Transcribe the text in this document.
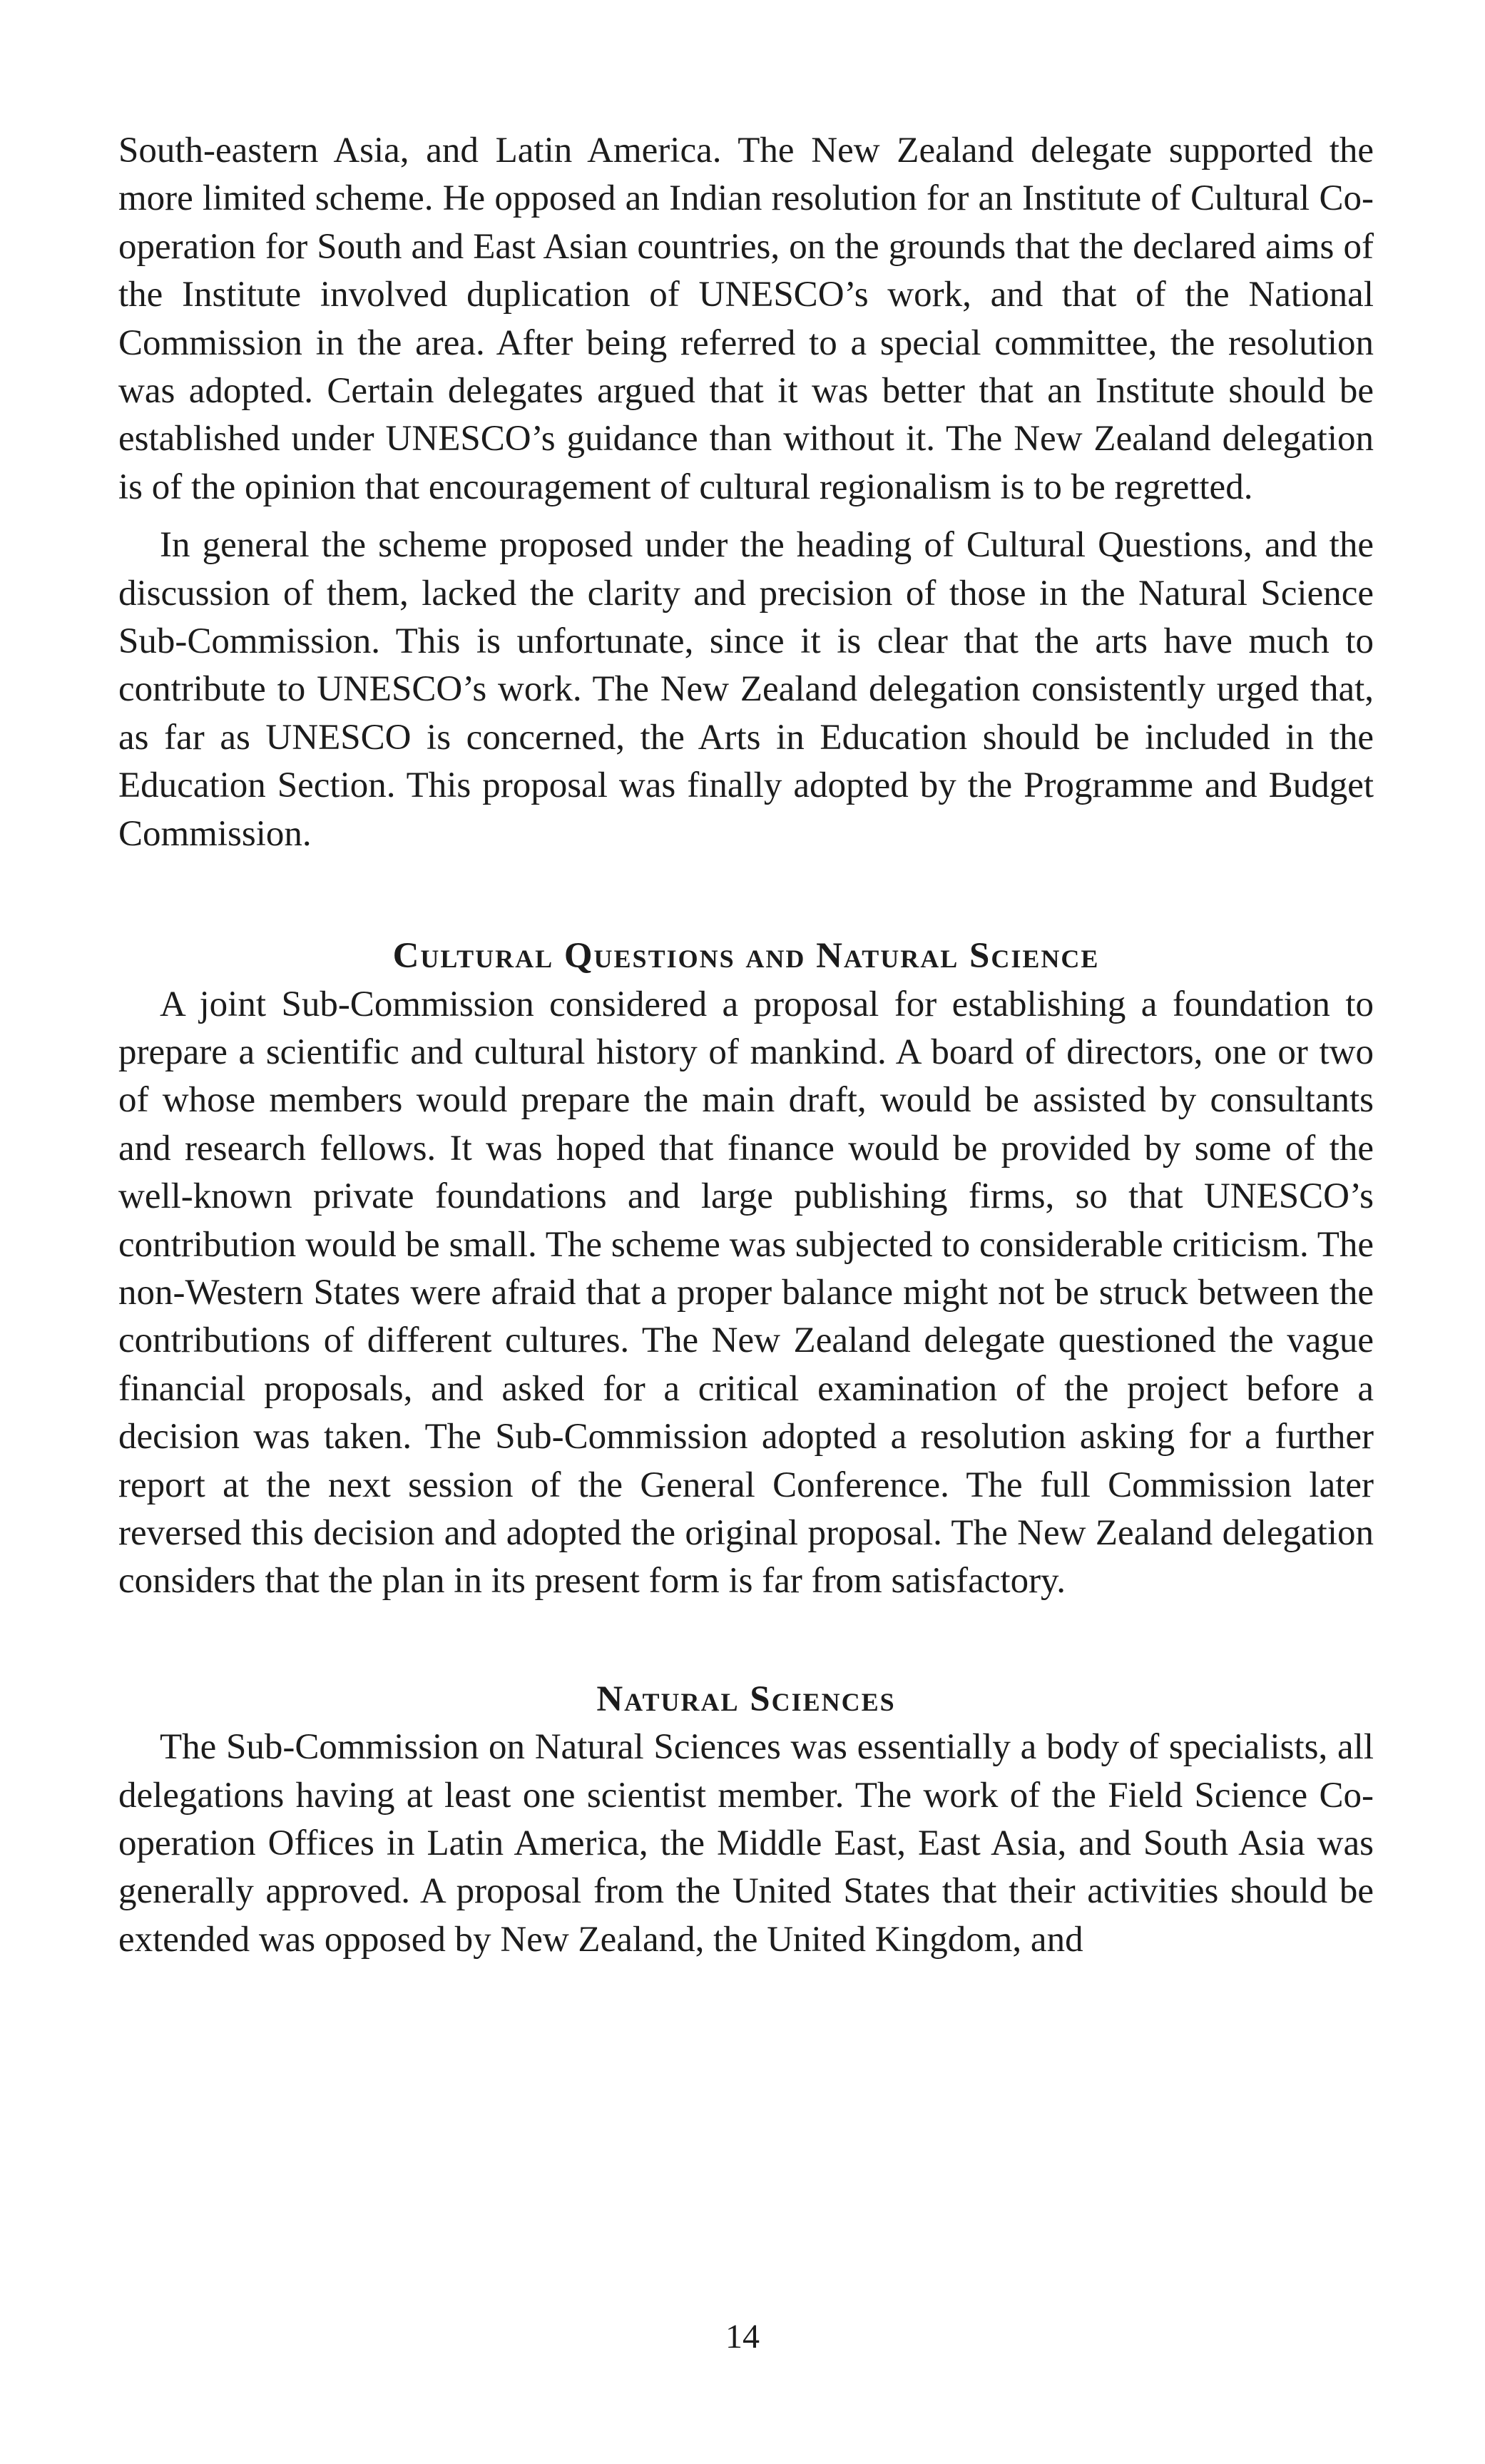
South-eastern Asia, and Latin America. The New Zealand delegate supported the more limited scheme. He opposed an Indian resolution for an Institute of Cultural Co-operation for South and East Asian countries, on the grounds that the declared aims of the Institute involved duplication of UNESCO’s work, and that of the National Commission in the area. After being referred to a special committee, the resolution was adopted. Certain delegates argued that it was better that an Institute should be established under UNESCO’s guidance than without it. The New Zealand delegation is of the opinion that encouragement of cultural regionalism is to be regretted.

In general the scheme proposed under the heading of Cultural Questions, and the discussion of them, lacked the clarity and precision of those in the Natural Science Sub-Commission. This is unfortunate, since it is clear that the arts have much to contribute to UNESCO’s work. The New Zealand delegation consistently urged that, as far as UNESCO is concerned, the Arts in Education should be included in the Education Section. This proposal was finally adopted by the Programme and Budget Commission.

Cultural Questions and Natural Science

A joint Sub-Commission considered a proposal for establishing a foundation to prepare a scientific and cultural history of mankind. A board of directors, one or two of whose members would prepare the main draft, would be assisted by consultants and research fellows. It was hoped that finance would be provided by some of the well-known private foundations and large publishing firms, so that UNESCO’s contribution would be small. The scheme was subjected to considerable criticism. The non-Western States were afraid that a proper balance might not be struck between the contributions of different cultures. The New Zealand delegate questioned the vague financial proposals, and asked for a critical examination of the project before a decision was taken. The Sub-Commission adopted a resolution asking for a further report at the next session of the General Conference. The full Commission later reversed this decision and adopted the original proposal. The New Zealand delegation considers that the plan in its present form is far from satisfactory.

Natural Sciences

The Sub-Commission on Natural Sciences was essentially a body of specialists, all delegations having at least one scientist member. The work of the Field Science Co-operation Offices in Latin America, the Middle East, East Asia, and South Asia was generally approved. A proposal from the United States that their activities should be extended was opposed by New Zealand, the United Kingdom, and

14
